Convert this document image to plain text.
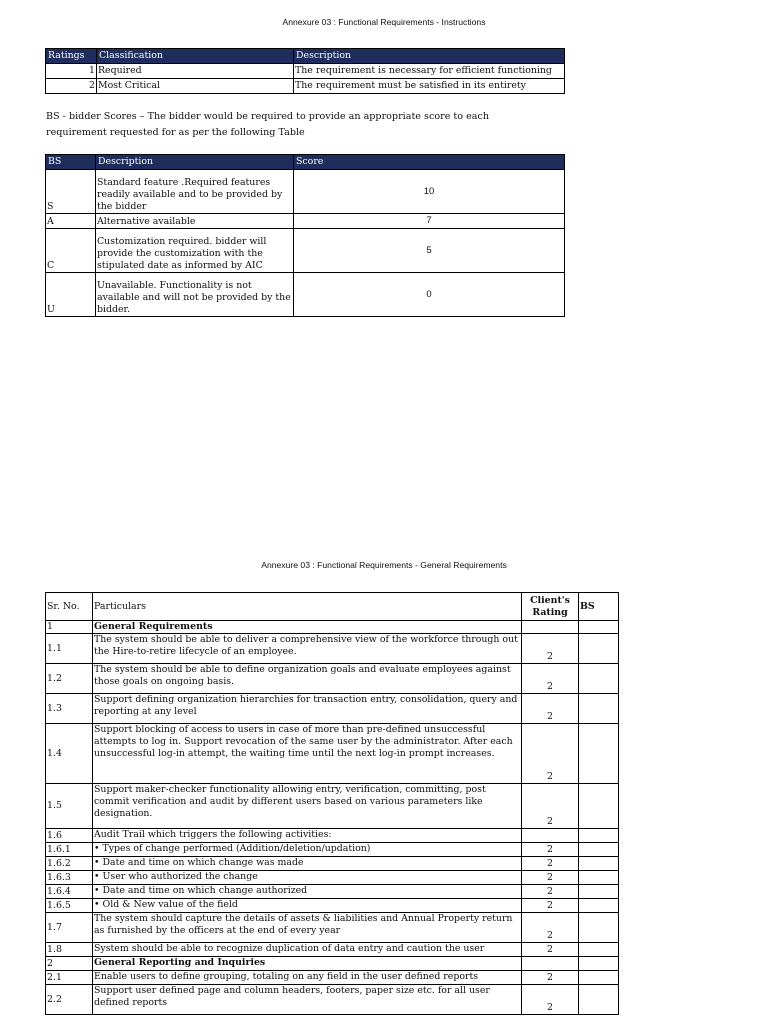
Annexure 03 : Functional Requirements - Instructions
Ratings	Classification	Description
1	Required	The requirement is necessary for efficient functioning
2	Most Critical	The requirement must be satisfied in its entirety
BS - bidder Scores – The bidder would be required to provide an appropriate score to each
requirement requested for as per the following Table
BS	Description	Score
S	Standard feature .Required features readily available and to be provided by the bidder	10
A	Alternative available	7
C	Customization required. bidder will provide the customization with the stipulated date as informed by AIC	5
U	Unavailable. Functionality is not available and will not be provided by the bidder.	0
Annexure 03 : Functional Requirements - General Requirements
Sr. No.	Particulars	Client's Rating	BS
1	General Requirements		
1.1	The system should be able to deliver a comprehensive view of the workforce through out the Hire-to-retire lifecycle of an employee.	2	
1.2	The system should be able to define organization goals and evaluate employees against those goals on ongoing basis.	2	
1.3	Support defining organization hierarchies for transaction entry, consolidation, query and reporting at any level	2	
1.4	Support blocking of access to users in case of more than pre-defined unsuccessful attempts to log in. Support revocation of the same user by the administrator. After each unsuccessful log-in attempt, the waiting time until the next log-in prompt increases.	2	
1.5	Support maker-checker functionality allowing entry, verification, committing, post commit verification and audit by different users based on various parameters like designation.	2	
1.6	Audit Trail which triggers the following activities:		
1.6.1	• Types of change performed (Addition/deletion/updation)	2	
1.6.2	• Date and time on which change was made	2	
1.6.3	• User who authorized the change	2	
1.6.4	• Date and time on which change authorized	2	
1.6.5	• Old & New value of the field	2	
1.7	The system should capture the details of assets & liabilities and Annual Property return as furnished by the officers at the end of every year	2	
1.8	System should be able to recognize duplication of data entry and caution the user	2	
2	General Reporting and Inquiries		
2.1	Enable users to define grouping, totaling on any field in the user defined reports	2	
2.2	Support user defined page and column headers, footers, paper size etc. for all user defined reports	2	
